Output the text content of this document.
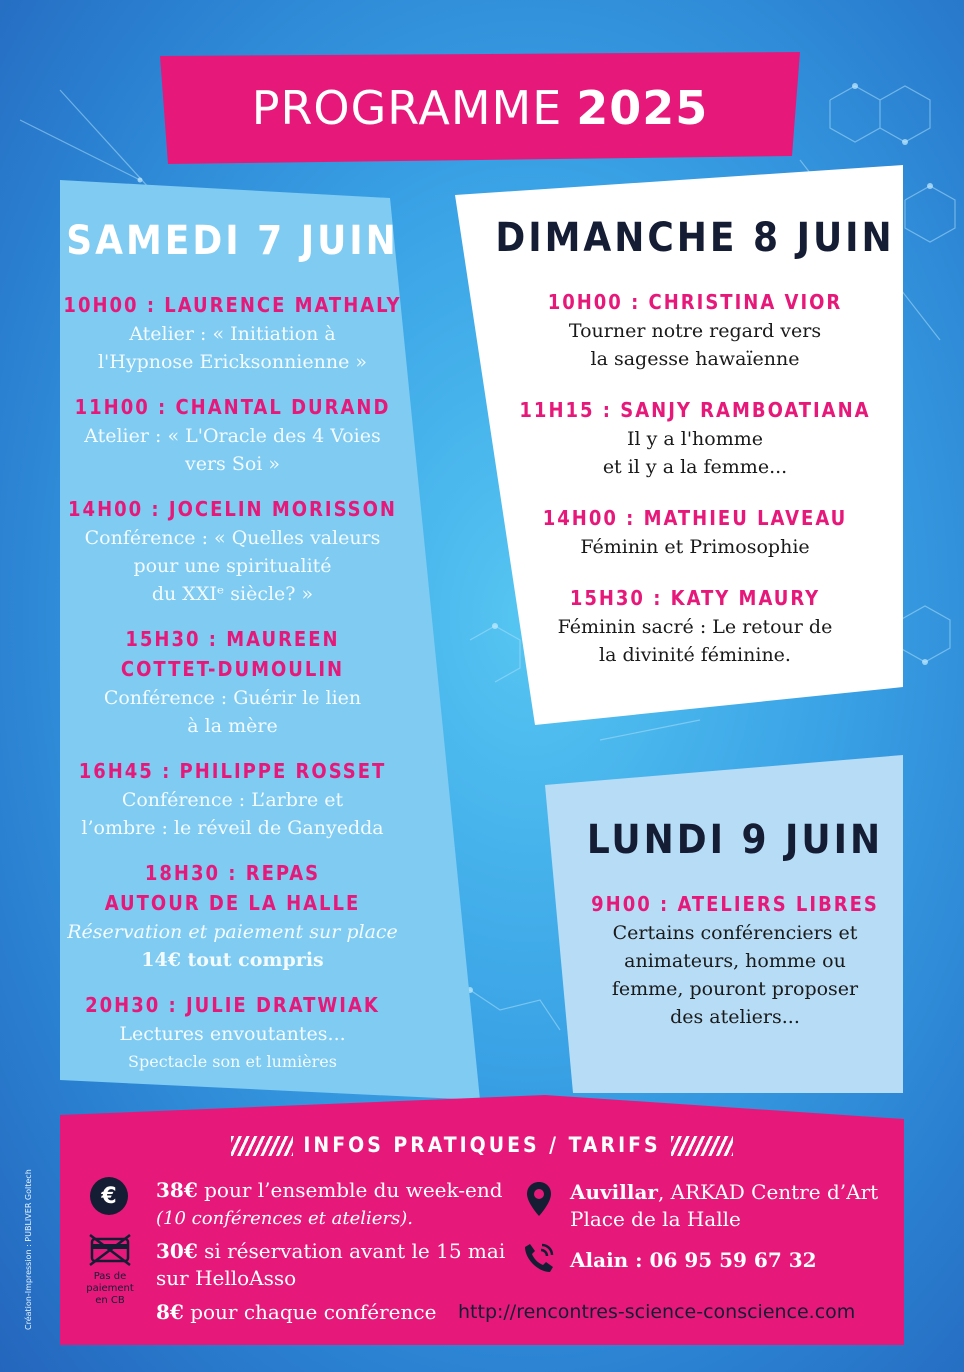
PROGRAMME 2025
SAMEDI 7 JUIN
10H00 : LAURENCE MATHALY
Atelier : « Initiation à
l'Hypnose Ericksonnienne »
11H00 : CHANTAL DURAND
Atelier : « L'Oracle des 4 Voies
vers Soi »
14H00 : JOCELIN MORISSON
Conférence : « Quelles valeurs
pour une spiritualité
du XXIᵉ siècle? »
15H30 : MAUREEN
COTTET-DUMOULIN
Conférence : Guérir le lien
à la mère
16H45 : PHILIPPE ROSSET
Conférence : L’arbre et
l’ombre : le réveil de Ganyedda
18H30 : REPAS
AUTOUR DE LA HALLE
Réservation et paiement sur place
14€ tout compris
20H30 : JULIE DRATWIAK
Lectures envoutantes...
Spectacle son et lumières
DIMANCHE 8 JUIN
10H00 : CHRISTINA VIOR
Tourner notre regard vers
la sagesse hawaïenne
11H15 : SANJY RAMBOATIANA
Il y a l'homme
et il y a la femme...
14H00 : MATHIEU LAVEAU
Féminin et Primosophie
15H30 : KATY MAURY
Féminin sacré : Le retour de
la divinité féminine.
LUNDI 9 JUIN
9H00 : ATELIERS LIBRES
Certains conférenciers et
animateurs, homme ou
femme, pouront proposer
des ateliers...
INFOS PRATIQUES / TARIFS
€
Pas de
paiement
en CB
38€ pour l’ensemble du week-end
(10 conférences et ateliers).
30€ si réservation avant le 15 mai
sur HelloAsso
8€ pour chaque conférence
Auvillar, ARKAD Centre d’Art
Place de la Halle
Alain : 06 95 59 67 32
http://rencontres-science-conscience.com
Création-Impression : PUBLIVER Goltech
